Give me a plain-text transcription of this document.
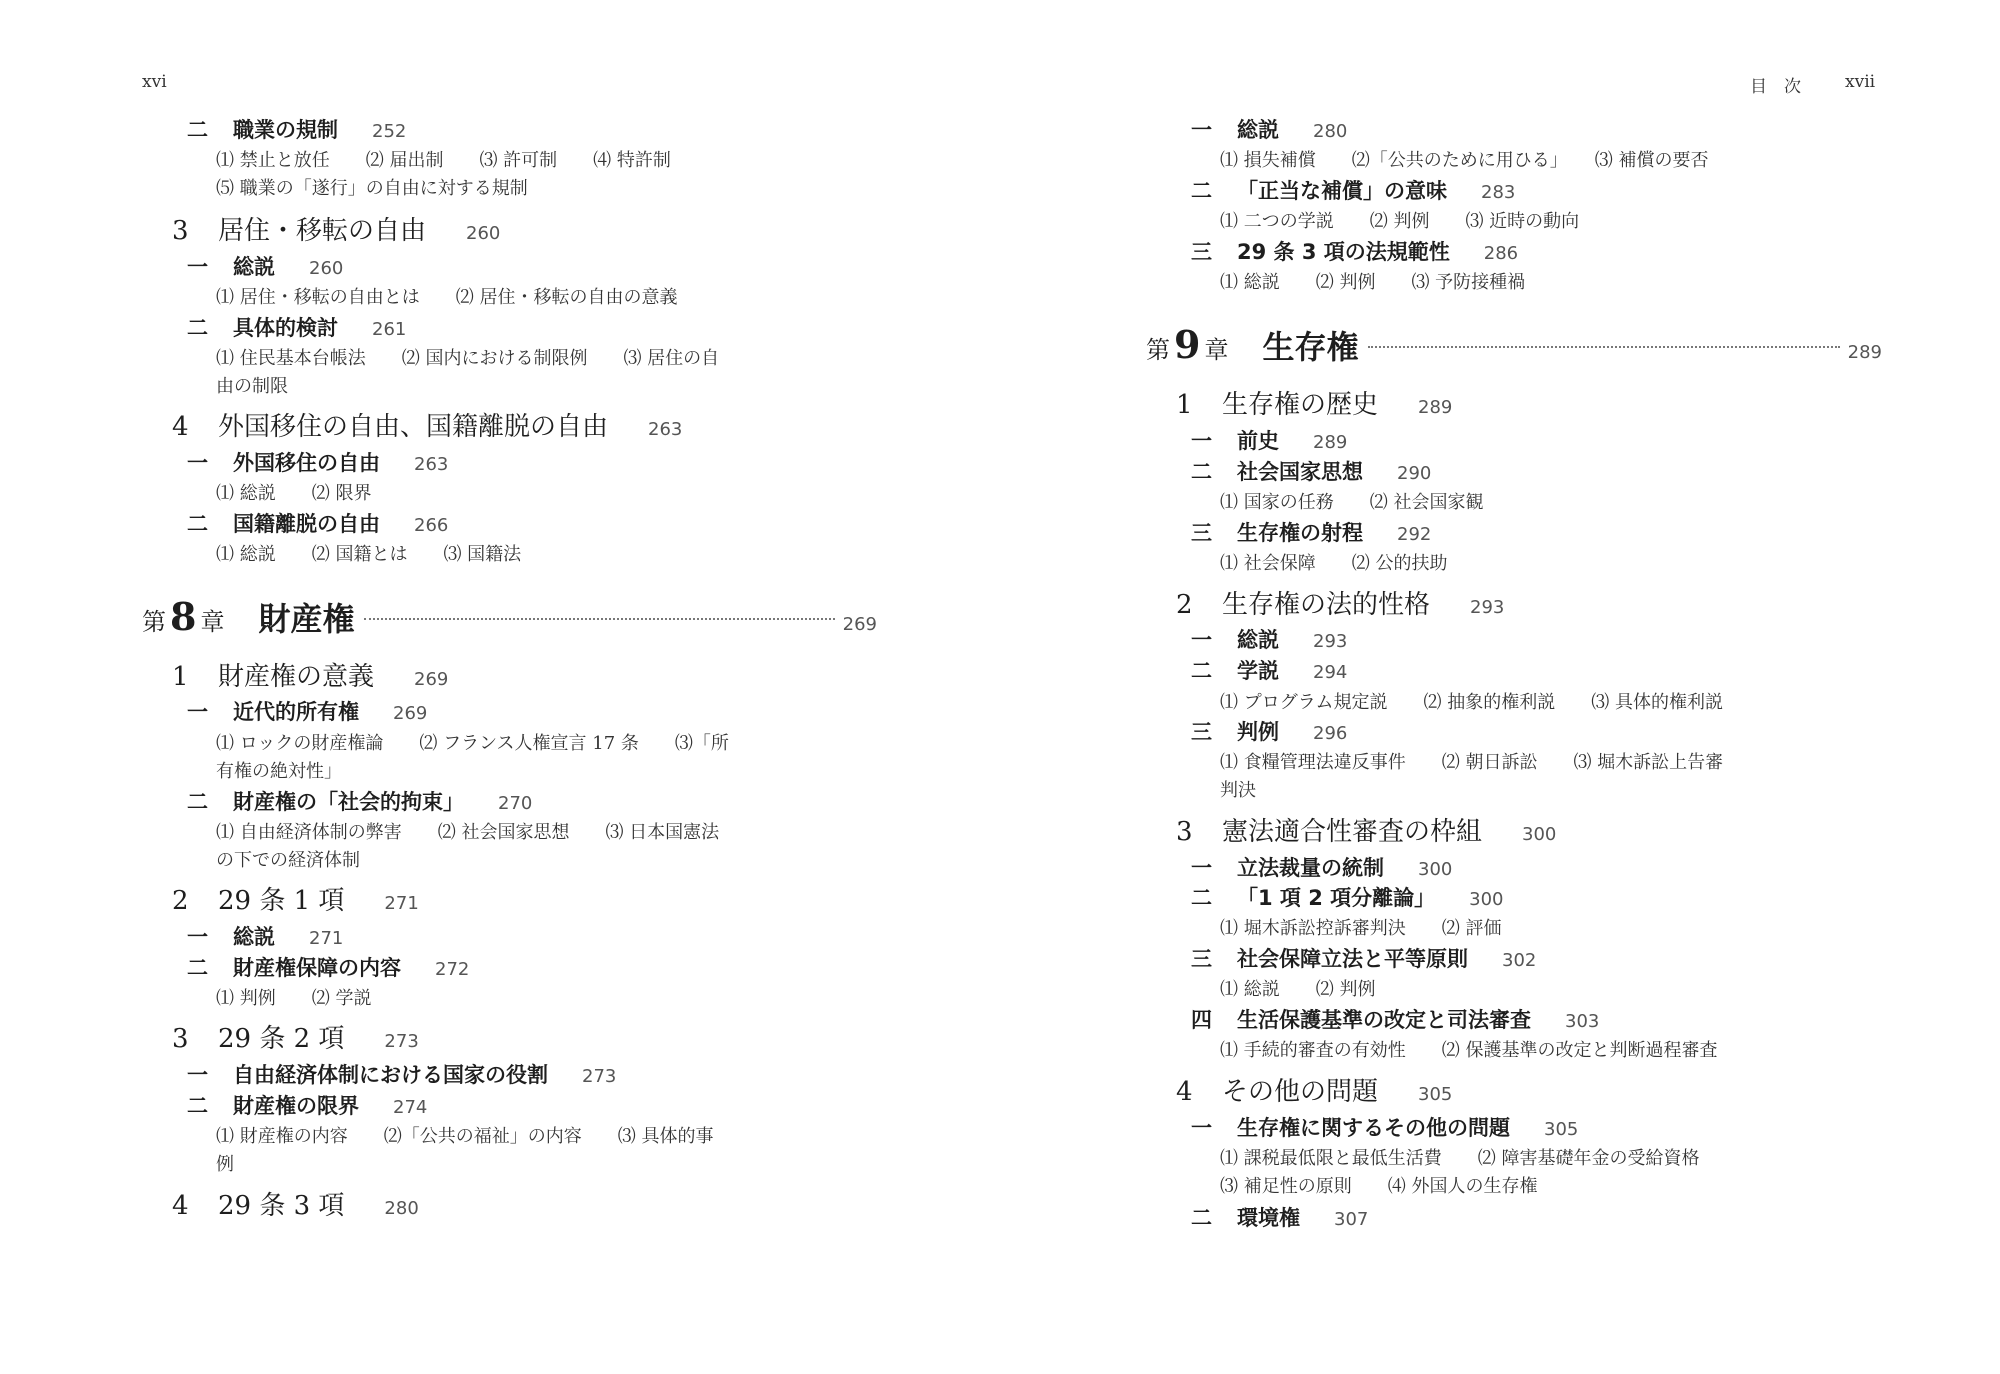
xvi
二 職業の規制 252
⑴ 禁止と放任　　⑵ 届出制　　⑶ 許可制　　⑷ 特許制
⑸ 職業の「遂行」の自由に対する規制
3 居住・移転の自由 260
一 総説 260
⑴ 居住・移転の自由とは　　⑵ 居住・移転の自由の意義
二 具体的検討 261
⑴ 住民基本台帳法　　⑵ 国内における制限例　　⑶ 居住の自
由の制限
4 外国移住の自由、国籍離脱の自由 263
一 外国移住の自由 263
⑴ 総説　　⑵ 限界
二 国籍離脱の自由 266
⑴ 総説　　⑵ 国籍とは　　⑶ 国籍法
第 8 章 財産権	269
1 財産権の意義 269
一 近代的所有権 269
⑴ ロックの財産権論　　⑵ フランス人権宣言 17 条　　⑶「所
有権の絶対性」
二 財産権の「社会的拘束」 270
⑴ 自由経済体制の弊害　　⑵ 社会国家思想　　⑶ 日本国憲法
の下での経済体制
2 29 条 1 項 271
一 総説 271
二 財産権保障の内容 272
⑴ 判例　　⑵ 学説
3 29 条 2 項 273
一 自由経済体制における国家の役割 273
二 財産権の限界 274
⑴ 財産権の内容　　⑵「公共の福祉」の内容　　⑶ 具体的事
例
4 29 条 3 項 280
目　次	xvii
一 総説 280
⑴ 損失補償　　⑵「公共のために用ひる」　　⑶ 補償の要否
二 「正当な補償」の意味 283
⑴ 二つの学説　　⑵ 判例　　⑶ 近時の動向
三 29 条 3 項の法規範性 286
⑴ 総説　　⑵ 判例　　⑶ 予防接種禍
第 9 章 生存権	289
1 生存権の歴史 289
一 前史 289
二 社会国家思想 290
⑴ 国家の任務　　⑵ 社会国家観
三 生存権の射程 292
⑴ 社会保障　　⑵ 公的扶助
2 生存権の法的性格 293
一 総説 293
二 学説 294
⑴ プログラム規定説　　⑵ 抽象的権利説　　⑶ 具体的権利説
三 判例 296
⑴ 食糧管理法違反事件　　⑵ 朝日訴訟　　⑶ 堀木訴訟上告審
判決
3 憲法適合性審査の枠組 300
一 立法裁量の統制 300
二 「1 項 2 項分離論」 300
⑴ 堀木訴訟控訴審判決　　⑵ 評価
三 社会保障立法と平等原則 302
⑴ 総説　　⑵ 判例
四 生活保護基準の改定と司法審査 303
⑴ 手続的審査の有効性　　⑵ 保護基準の改定と判断過程審査
4 その他の問題 305
一 生存権に関するその他の問題 305
⑴ 課税最低限と最低生活費　　⑵ 障害基礎年金の受給資格
⑶ 補足性の原則　　⑷ 外国人の生存権
二 環境権 307
